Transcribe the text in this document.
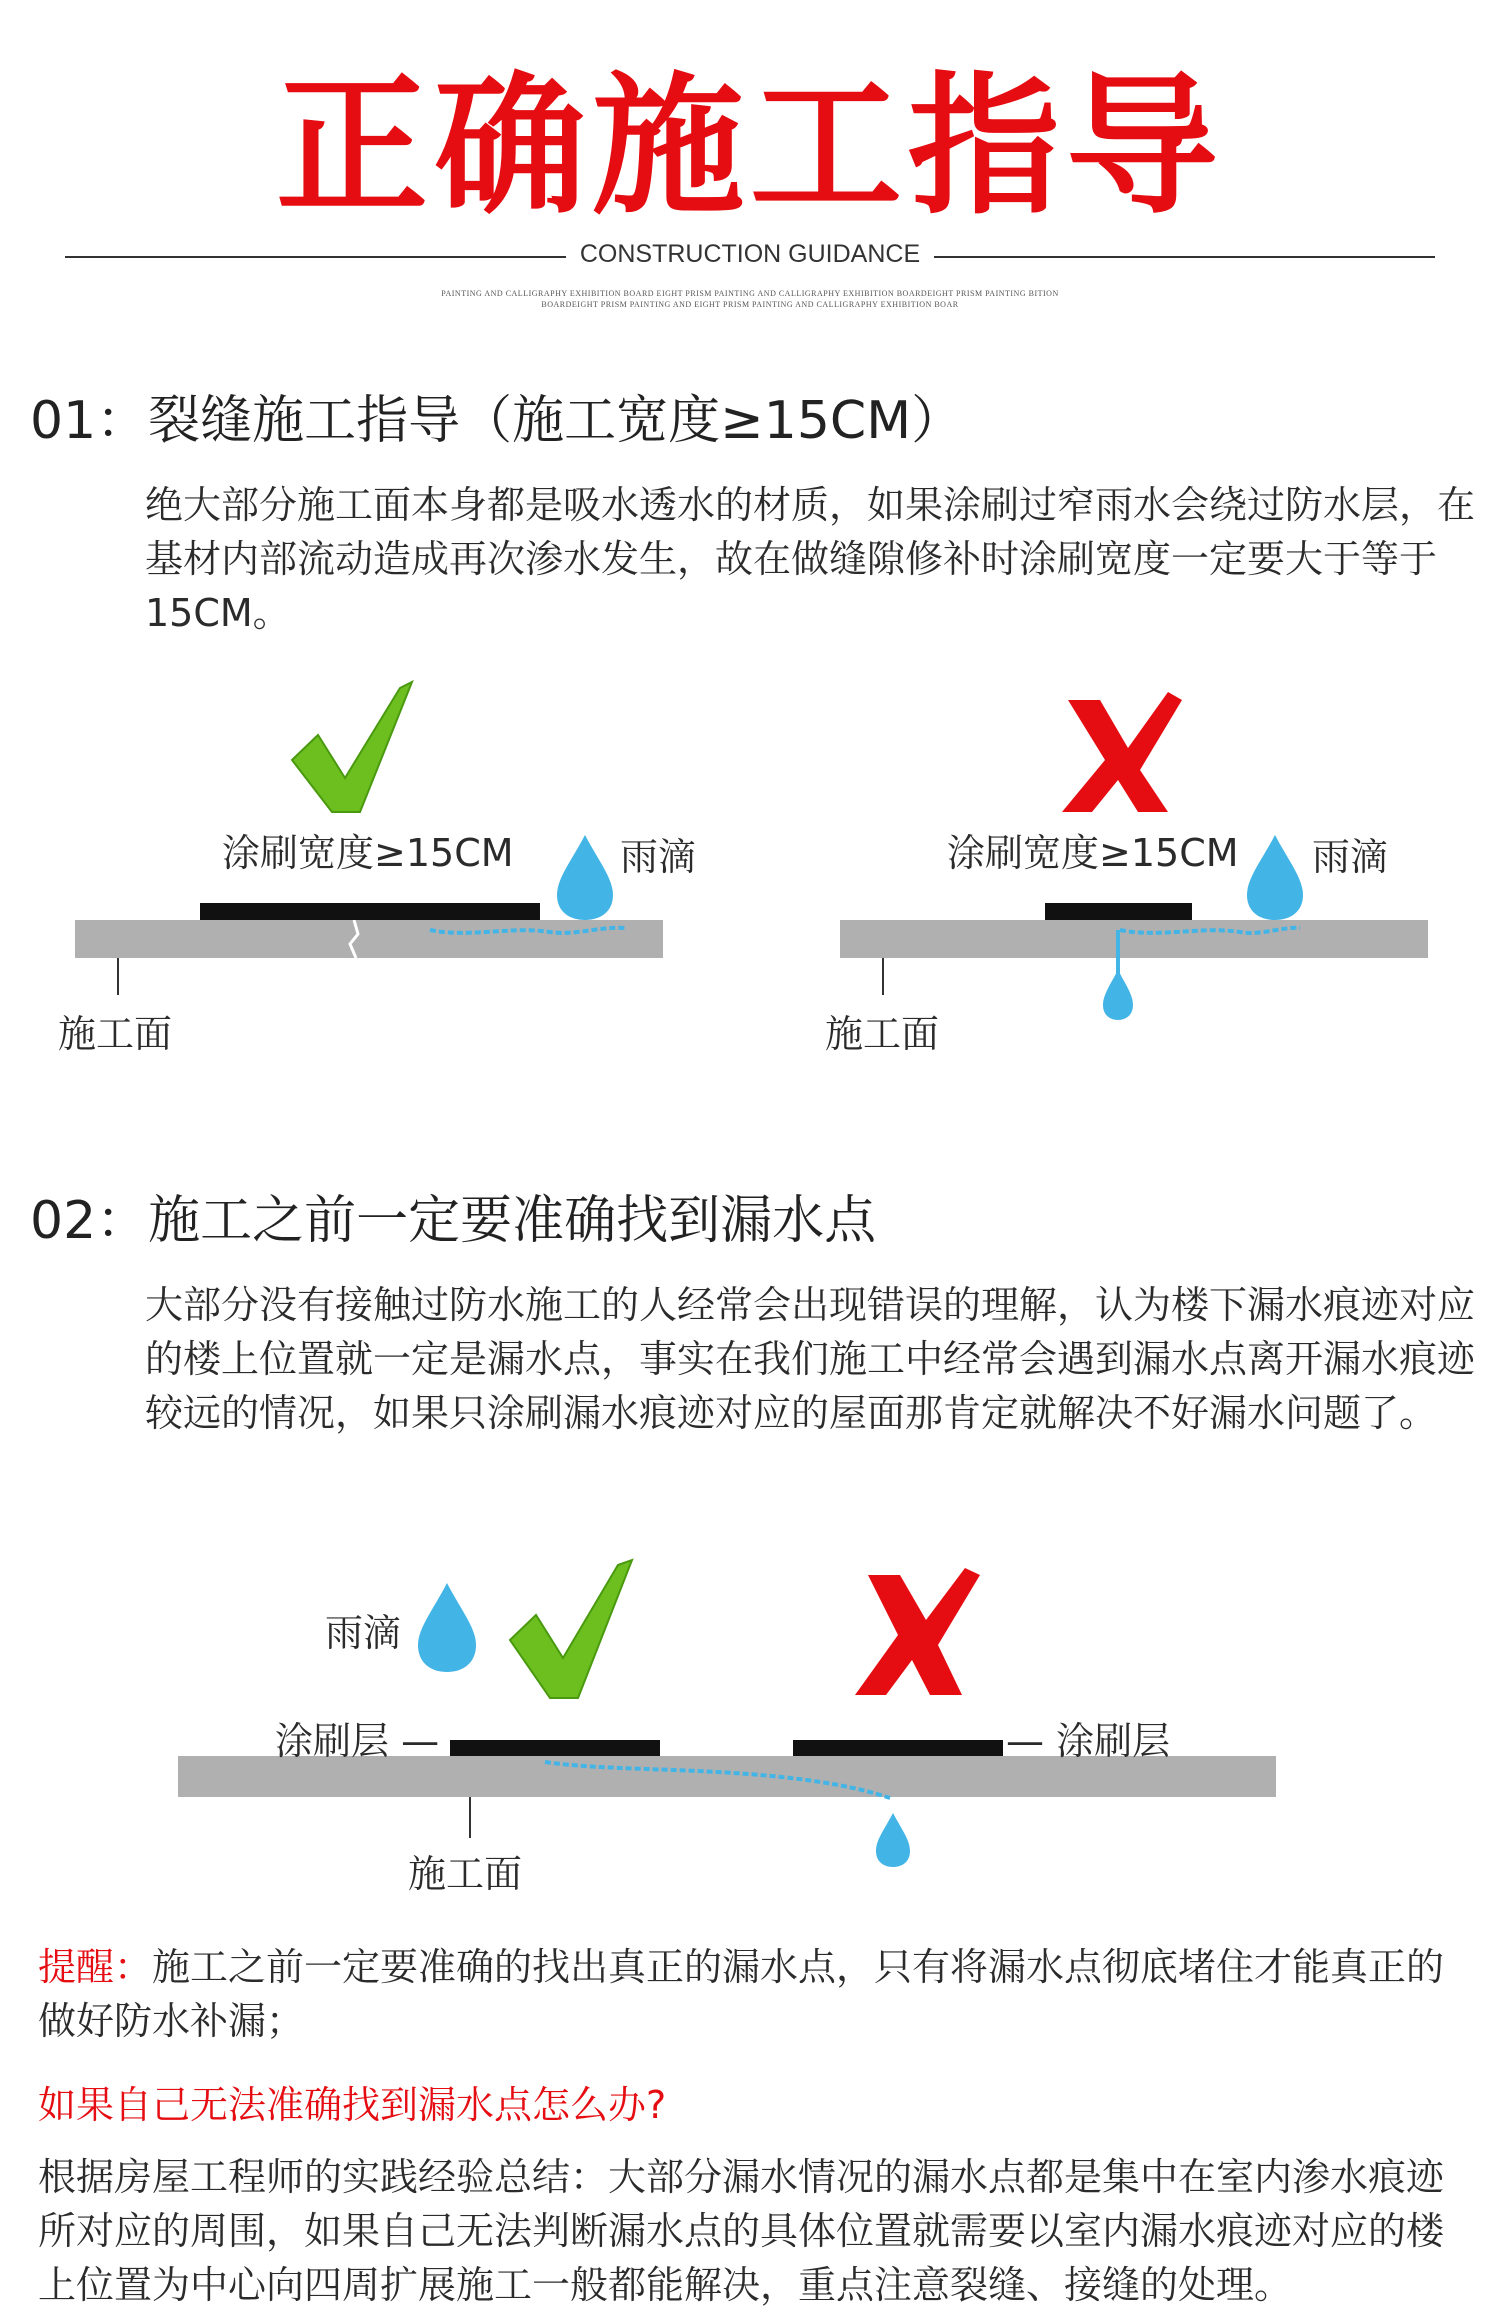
正确施工指导
CONSTRUCTION GUIDANCE
PAINTING AND CALLIGRAPHY EXHIBITION BOARD EIGHT PRISM PAINTING AND CALLIGRAPHY EXHIBITION BOARDEIGHT PRISM PAINTING BITION BOARDEIGHT PRISM PAINTING AND EIGHT PRISM PAINTING AND CALLIGRAPHY EXHIBITION BOAR
01：裂缝施工指导（施工宽度≥15CM）
绝大部分施工面本身都是吸水透水的材质，如果涂刷过窄雨水会绕过防水层，在基材内部流动造成再次渗水发生，故在做缝隙修补时涂刷宽度一定要大于等于15CM。
涂刷宽度≥15CM	雨滴
施工面
涂刷宽度≥15CM 雨滴
施工面
02：施工之前一定要准确找到漏水点
大部分没有接触过防水施工的人经常会出现错误的理解，认为楼下漏水痕迹对应的楼上位置就一定是漏水点，事实在我们施工中经常会遇到漏水点离开漏水痕迹较远的情况，如果只涂刷漏水痕迹对应的屋面那肯定就解决不好漏水问题了。
雨滴
涂刷层 —	— 涂刷层
施工面
提醒：施工之前一定要准确的找出真正的漏水点，只有将漏水点彻底堵住才能真正的做好防水补漏；
如果自己无法准确找到漏水点怎么办?
根据房屋工程师的实践经验总结：大部分漏水情况的漏水点都是集中在室内渗水痕迹所对应的周围，如果自己无法判断漏水点的具体位置就需要以室内漏水痕迹对应的楼上位置为中心向四周扩展施工一般都能解决，重点注意裂缝、接缝的处理。
